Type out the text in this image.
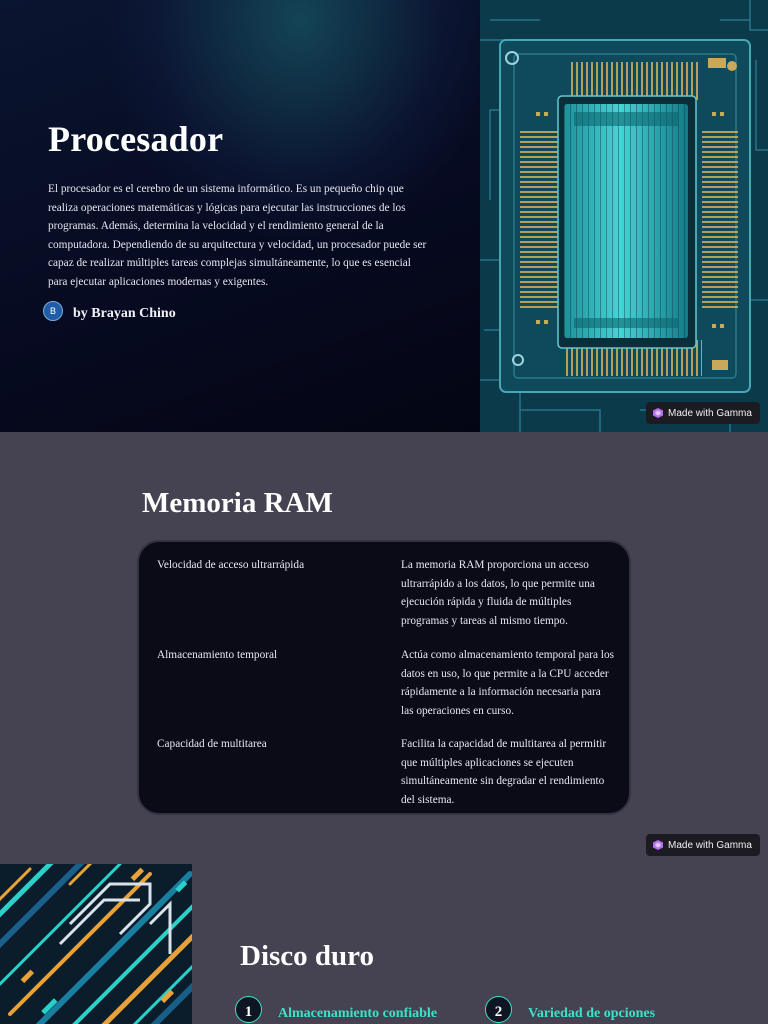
Procesador

El procesador es el cerebro de un sistema informático. Es un pequeño chip que realiza operaciones matemáticas y lógicas para ejecutar las instrucciones de los programas. Además, determina la velocidad y el rendimiento general de la computadora. Dependiendo de su arquitectura y velocidad, un procesador puede ser capaz de realizar múltiples tareas complejas simultáneamente, lo que es esencial para ejecutar aplicaciones modernas y exigentes.

B	by Brayan Chino
Made with Gamma
Memoria RAM
Velocidad de acceso ultrarrápida	La memoria RAM proporciona un acceso ultrarrápido a los datos, lo que permite una ejecución rápida y fluida de múltiples programas y tareas al mismo tiempo.
Almacenamiento temporal	Actúa como almacenamiento temporal para los datos en uso, lo que permite a la CPU acceder rápidamente a la información necesaria para las operaciones en curso.
Capacidad de multitarea	Facilita la capacidad de multitarea al permitir que múltiples aplicaciones se ejecuten simultáneamente sin degradar el rendimiento del sistema.
Made with Gamma
Disco duro
1	Almacenamiento confiable	2	Variedad de opciones
